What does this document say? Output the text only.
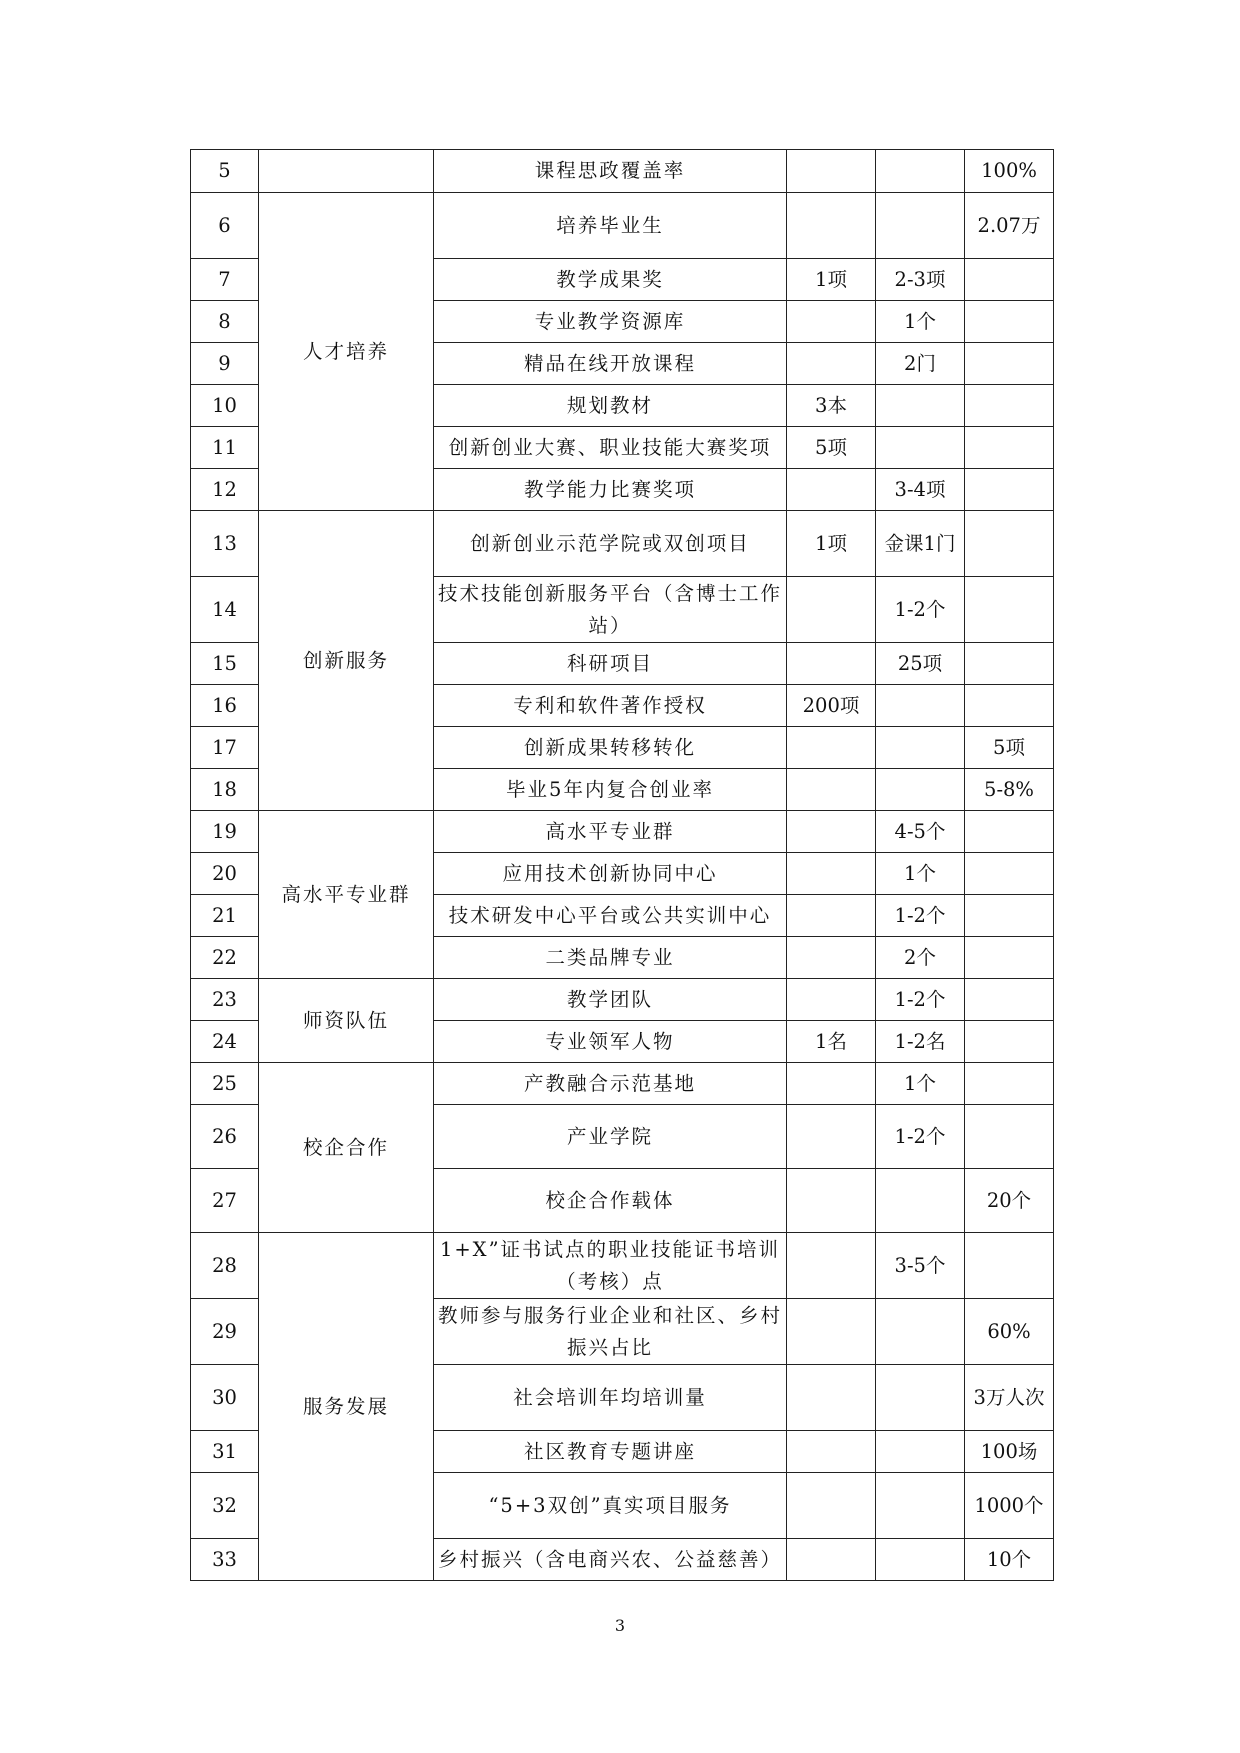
5		课程思政覆盖率			100%
6	人才培养	培养毕业生			2.07万
7		教学成果奖	1项	2-3项	
8		专业教学资源库		1个	
9		精品在线开放课程		2门	
10		规划教材	3本		
11		创新创业大赛、职业技能大赛奖项	5项		
12		教学能力比赛奖项		3-4项	
13	创新服务	创新创业示范学院或双创项目	1项	金课1门	
14		技术技能创新服务平台（含博士工作站）		1-2个	
15		科研项目		25项	
16		专利和软件著作授权	200项		
17		创新成果转移转化			5项
18		毕业5年内复合创业率			5-8%
19	高水平专业群	高水平专业群		4-5个	
20		应用技术创新协同中心		1个	
21		技术研发中心平台或公共实训中心		1-2个	
22		二类品牌专业		2个	
23	师资队伍	教学团队		1-2个	
24		专业领军人物	1名	1-2名	
25	校企合作	产教融合示范基地		1个	
26		产业学院		1-2个	
27		校企合作载体			20个
28	服务发展	1+X”证书试点的职业技能证书培训（考核）点		3-5个	
29		教师参与服务行业企业和社区、乡村振兴占比			60%
30		社会培训年均培训量			3万人次
31		社区教育专题讲座			100场
32		“5+3双创”真实项目服务			1000个
33		乡村振兴（含电商兴农、公益慈善）			10个
3
